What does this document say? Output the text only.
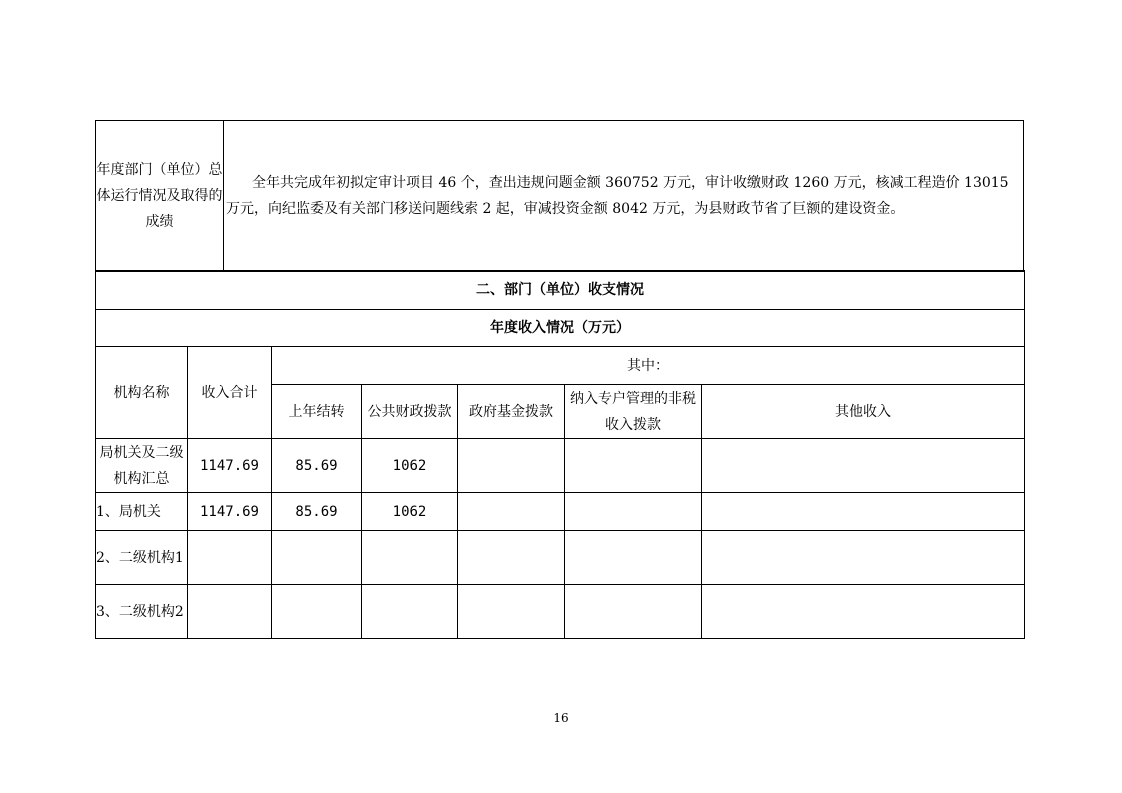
年度部门（单位）总体运行情况及取得的成绩	全年共完成年初拟定审计项目 46 个，查出违规问题金额 360752 万元，审计收缴财政 1260 万元，核减工程造价 13015 万元，向纪监委及有关部门移送问题线索 2 起，审减投资金额 8042 万元，为县财政节省了巨额的建设资金。
二、部门（单位）收支情况						
年度收入情况（万元）						
机构名称	收入合计	其中：				
		上年结转	公共财政拨款	政府基金拨款	纳入专户管理的非税收入拨款	其他收入
局机关及二级机构汇总	1147.69	85.69	1062			
1、局机关	1147.69	85.69	1062			
2、二级机构1						
3、二级机构2						
16
